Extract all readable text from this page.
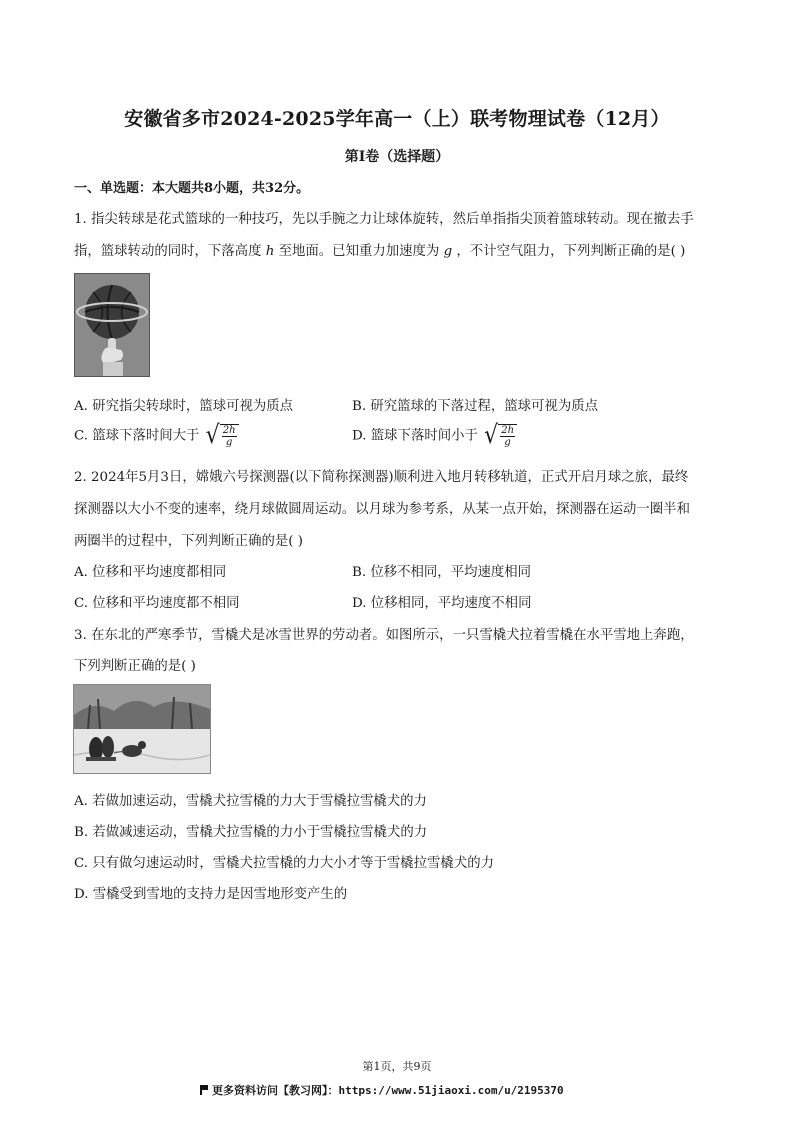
安徽省多市2024-2025学年高一（上）联考物理试卷（12月）
第Ⅰ卷（选择题）
一、单选题：本大题共8小题，共32分。
1. 指尖转球是花式篮球的一种技巧，先以手腕之力让球体旋转，然后单指指尖顶着篮球转动。现在撤去手
指，篮球转动的同时，下落高度 h 至地面。已知重力加速度为 g ，不计空气阻力，下列判断正确的是( )
A. 研究指尖转球时，篮球可视为质点	B. 研究篮球的下落过程，篮球可视为质点
C. 篮球下落时间大于 √ $\frac{2h}{g}$	D. 篮球下落时间小于 √ $\frac{2h}{g}$
2. 2024年5月3日，嫦娥六号探测器(以下简称探测器)顺利进入地月转移轨道，正式开启月球之旅，最终
探测器以大小不变的速率，绕月球做圆周运动。以月球为参考系，从某一点开始，探测器在运动一圈半和
两圈半的过程中，下列判断正确的是( )
A. 位移和平均速度都相同	B. 位移不相同，平均速度相同
C. 位移和平均速度都不相同	D. 位移相同，平均速度不相同
3. 在东北的严寒季节，雪橇犬是冰雪世界的劳动者。如图所示，一只雪橇犬拉着雪橇在水平雪地上奔跑，
下列判断正确的是( )
A. 若做加速运动，雪橇犬拉雪橇的力大于雪橇拉雪橇犬的力
B. 若做减速运动，雪橇犬拉雪橇的力小于雪橇拉雪橇犬的力
C. 只有做匀速运动时，雪橇犬拉雪橇的力大小才等于雪橇拉雪橇犬的力
D. 雪橇受到雪地的支持力是因雪地形变产生的
第1页，共9页
更多资料访问【教习网】：https://www.51jiaoxi.com/u/2195370
